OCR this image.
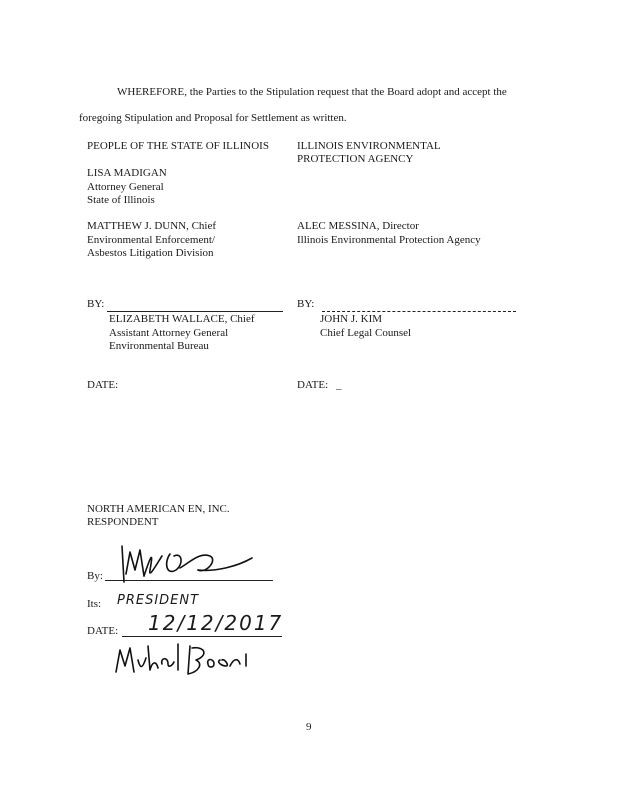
WHEREFORE, the Parties to the Stipulation request that the Board adopt and accept the
foregoing Stipulation and Proposal for Settlement as written.
PEOPLE OF THE STATE OF ILLINOIS
LISA MADIGAN
Attorney General
State of Illinois
MATTHEW J. DUNN, Chief
Environmental Enforcement/
Asbestos Litigation Division
BY:
ELIZABETH WALLACE, Chief
Assistant Attorney General
Environmental Bureau
DATE:
ILLINOIS ENVIRONMENTAL
PROTECTION AGENCY
ALEC MESSINA, Director
Illinois Environmental Protection Agency
BY:
JOHN J. KIM
Chief Legal Counsel
DATE: _
NORTH AMERICAN EN, INC.
RESPONDENT
By:
Its: PRESIDENT
DATE: 12/12/2017
9
